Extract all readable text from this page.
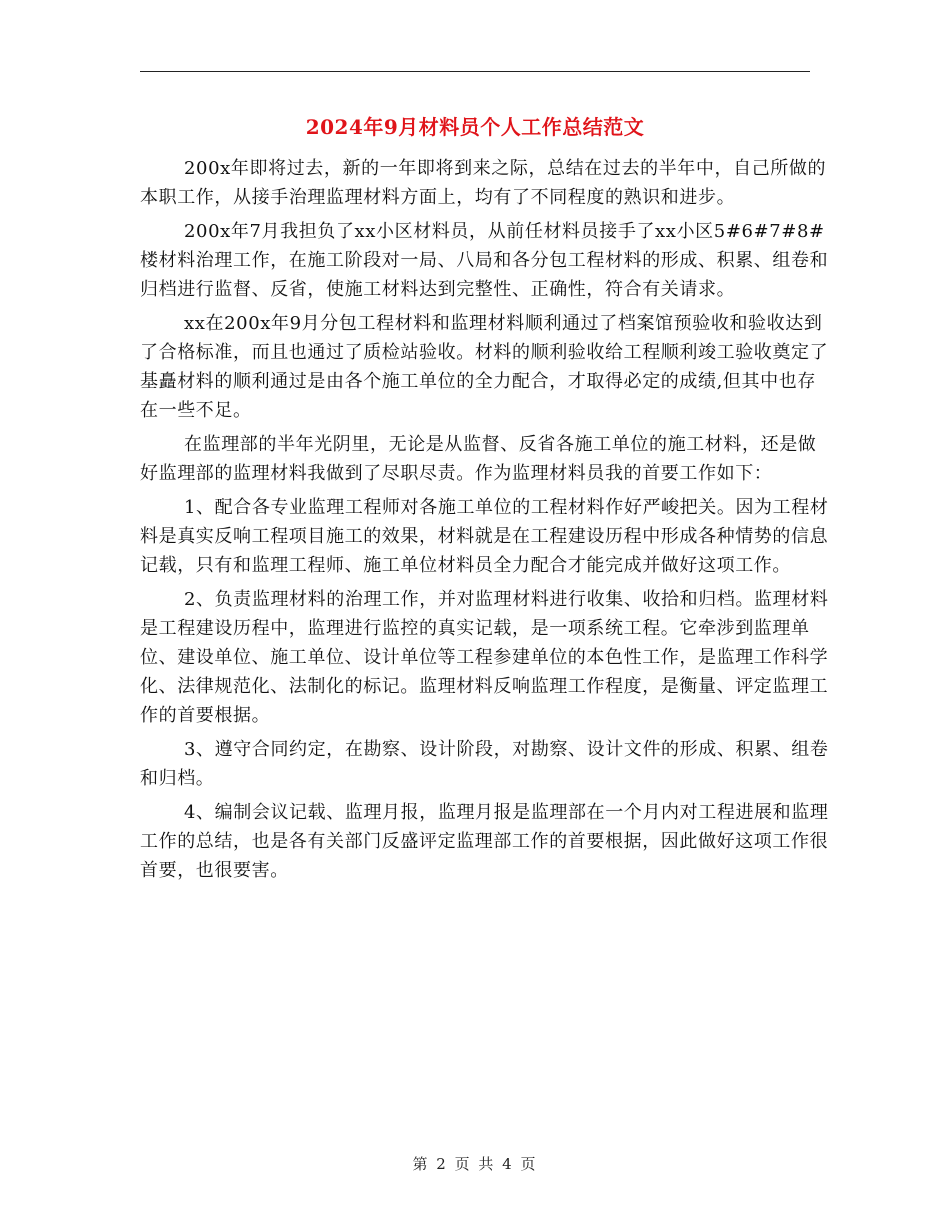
2024年9月材料员个人工作总结范文

200x年即将过去，新的一年即将到来之际，总结在过去的半年中，自己所做的本职工作，从接手治理监理材料方面上，均有了不同程度的熟识和进步。

200x年7月我担负了xx小区材料员，从前任材料员接手了xx小区5#6#7#8#楼材料治理工作，在施工阶段对一局、八局和各分包工程材料的形成、积累、组卷和归档进行监督、反省，使施工材料达到完整性、正确性，符合有关请求。

xx在200x年9月分包工程材料和监理材料顺利通过了档案馆预验收和验收达到了合格标准，而且也通过了质检站验收。材料的顺利验收给工程顺利竣工验收奠定了基矗材料的顺利通过是由各个施工单位的全力配合，才取得必定的成绩,但其中也存在一些不足。

在监理部的半年光阴里，无论是从监督、反省各施工单位的施工材料，还是做好监理部的监理材料我做到了尽职尽责。作为监理材料员我的首要工作如下：

1、配合各专业监理工程师对各施工单位的工程材料作好严峻把关。因为工程材料是真实反响工程项目施工的效果，材料就是在工程建设历程中形成各种情势的信息记载，只有和监理工程师、施工单位材料员全力配合才能完成并做好这项工作。

2、负责监理材料的治理工作，并对监理材料进行收集、收拾和归档。监理材料是工程建设历程中，监理进行监控的真实记载，是一项系统工程。它牵涉到监理单位、建设单位、施工单位、设计单位等工程参建单位的本色性工作，是监理工作科学化、法律规范化、法制化的标记。监理材料反响监理工作程度，是衡量、评定监理工作的首要根据。

3、遵守合同约定，在勘察、设计阶段，对勘察、设计文件的形成、积累、组卷和归档。

4、编制会议记载、监理月报，监理月报是监理部在一个月内对工程进展和监理工作的总结，也是各有关部门反盛评定监理部工作的首要根据，因此做好这项工作很首要，也很要害。

第 2 页 共 4 页
